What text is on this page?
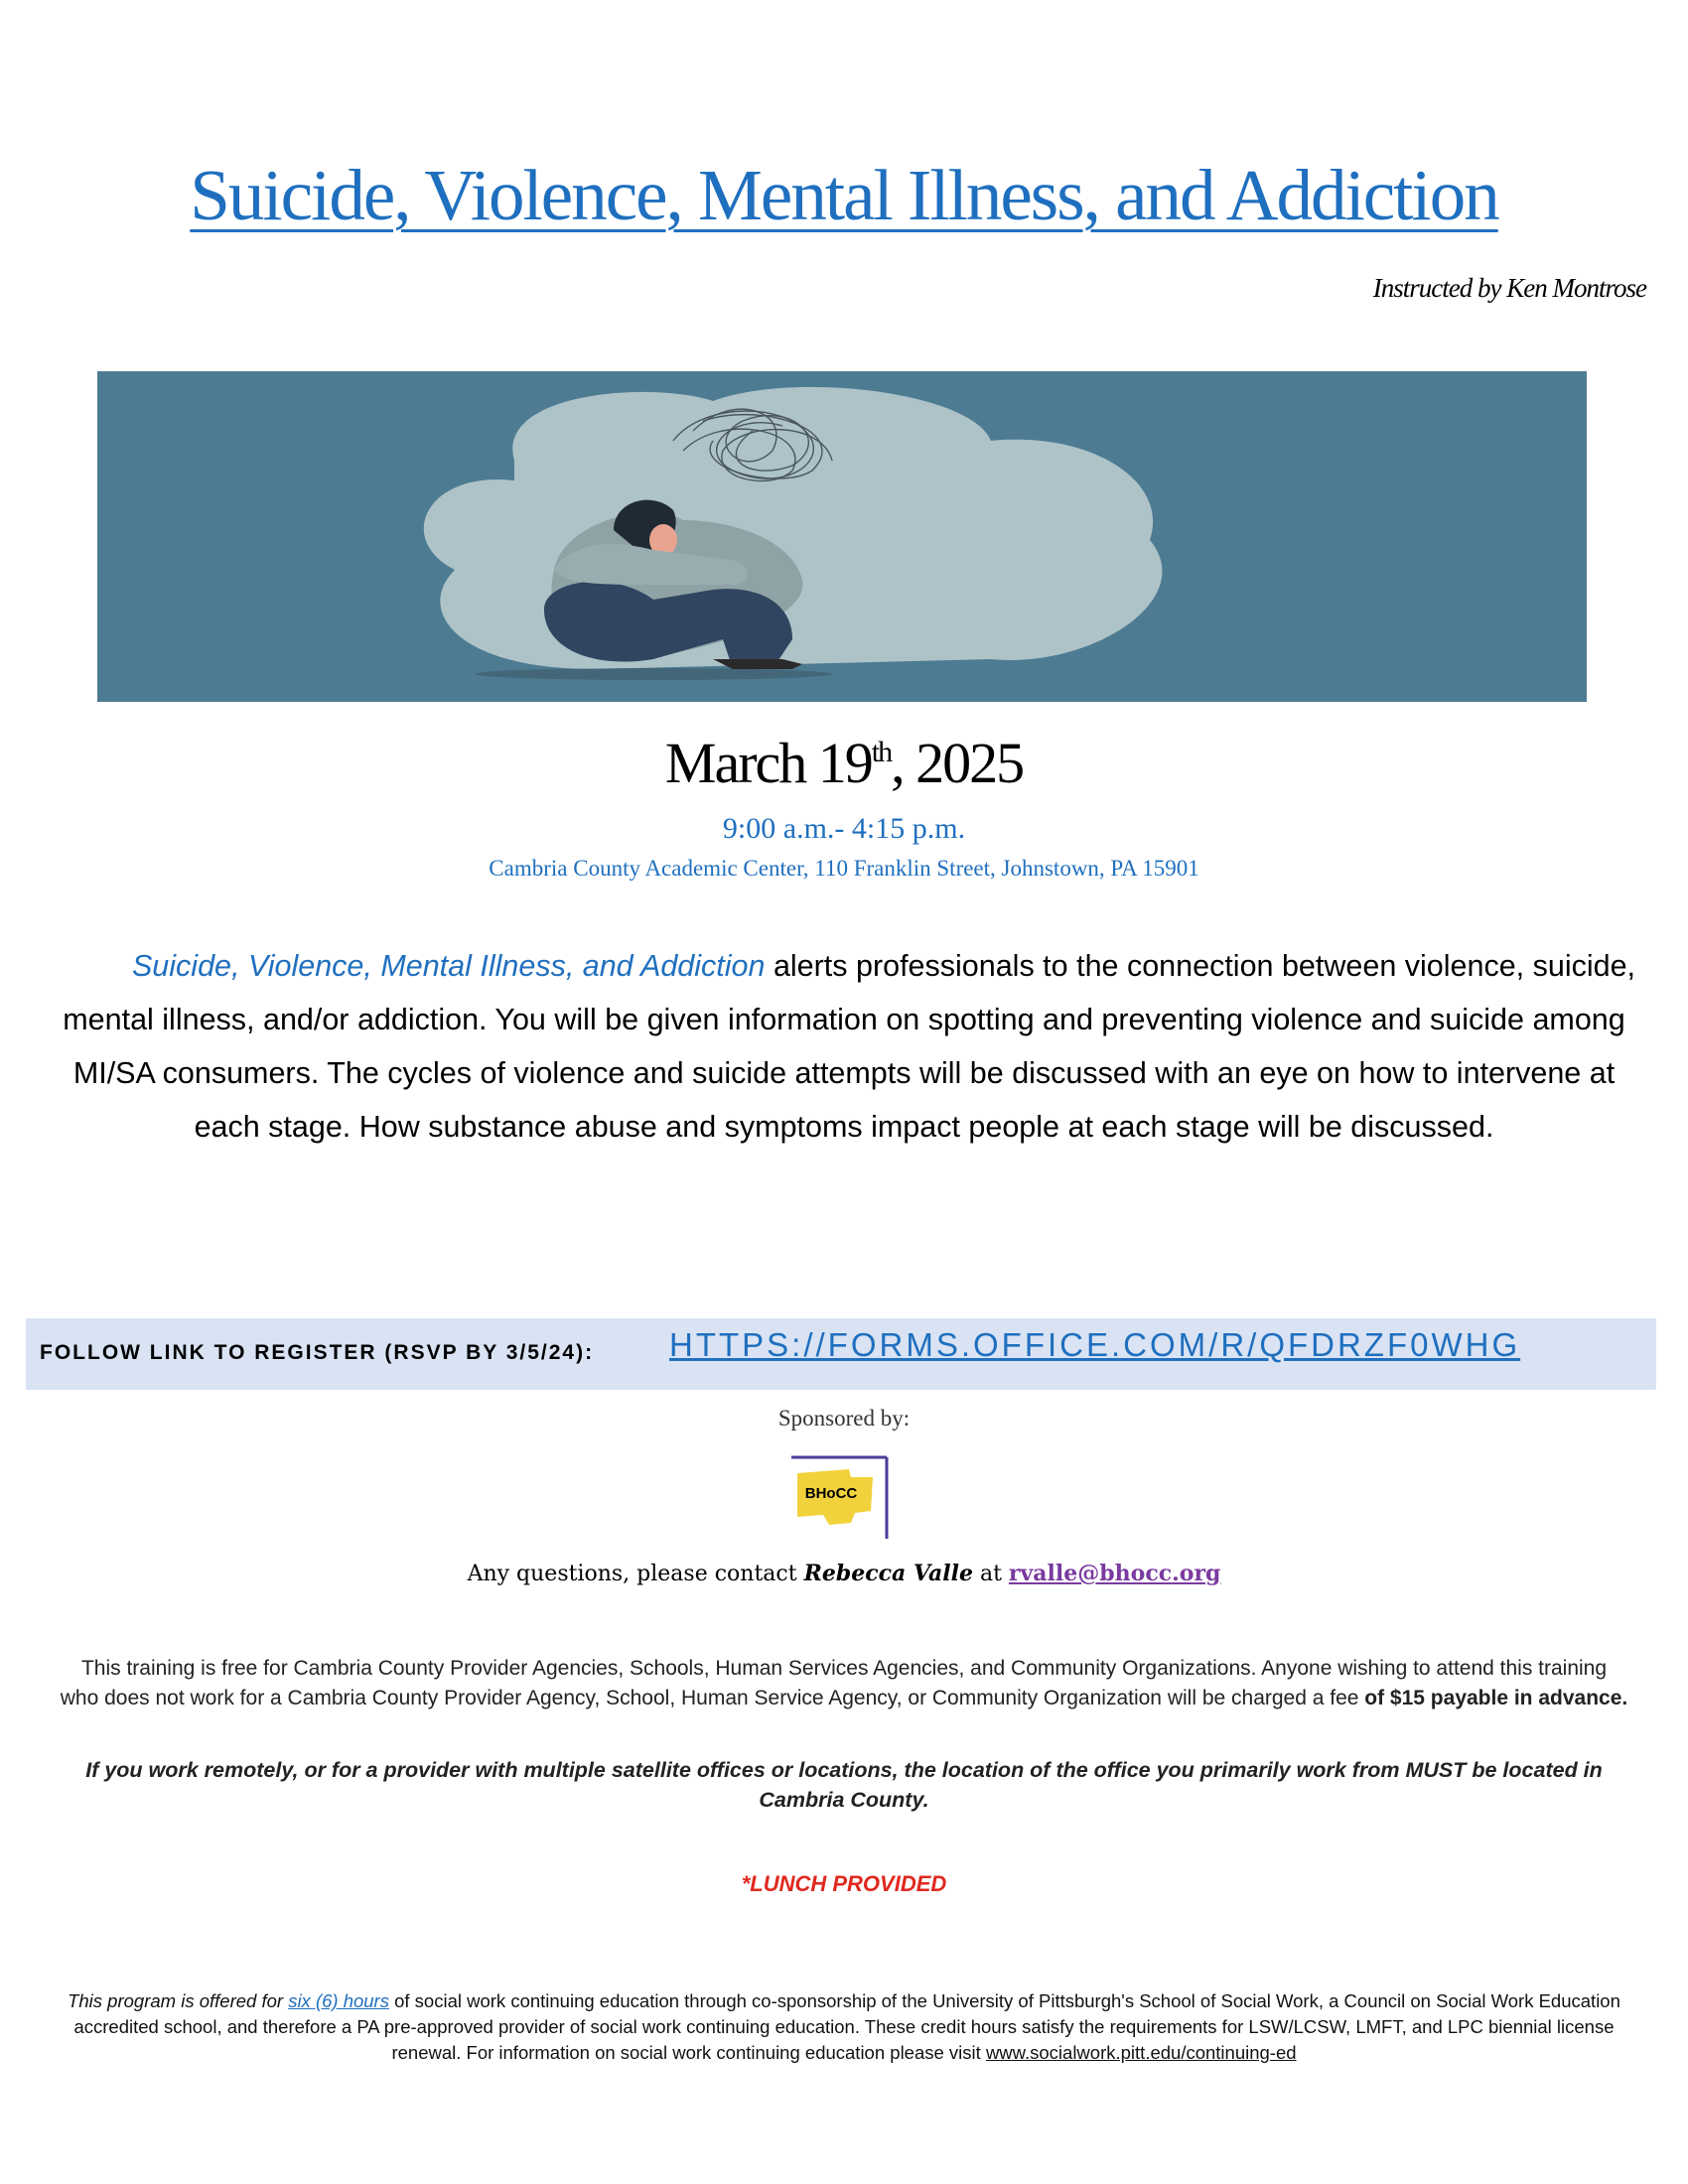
Suicide, Violence, Mental Illness, and Addiction
Instructed by Ken Montrose
March 19th, 2025
9:00 a.m.- 4:15 p.m.
Cambria County Academic Center, 110 Franklin Street, Johnstown, PA 15901
Suicide, Violence, Mental Illness, and Addiction alerts professionals to the connection between violence, suicide, mental illness, and/or addiction. You will be given information on spotting and preventing violence and suicide among MI/SA consumers. The cycles of violence and suicide attempts will be discussed with an eye on how to intervene at each stage. How substance abuse and symptoms impact people at each stage will be discussed.
FOLLOW LINK TO REGISTER (RSVP BY 3/5/24): HTTPS://FORMS.OFFICE.COM/R/QFDRZF0WHG
Sponsored by:
BHoCC
Any questions, please contact Rebecca Valle at rvalle@bhocc.org
This training is free for Cambria County Provider Agencies, Schools, Human Services Agencies, and Community Organizations. Anyone wishing to attend this training who does not work for a Cambria County Provider Agency, School, Human Service Agency, or Community Organization will be charged a fee of $15 payable in advance.
If you work remotely, or for a provider with multiple satellite offices or locations, the location of the office you primarily work from MUST be located in Cambria County.
*LUNCH PROVIDED
This program is offered for six (6) hours of social work continuing education through co-sponsorship of the University of Pittsburgh's School of Social Work, a Council on Social Work Education accredited school, and therefore a PA pre-approved provider of social work continuing education. These credit hours satisfy the requirements for LSW/LCSW, LMFT, and LPC biennial license renewal. For information on social work continuing education please visit www.socialwork.pitt.edu/continuing-ed
